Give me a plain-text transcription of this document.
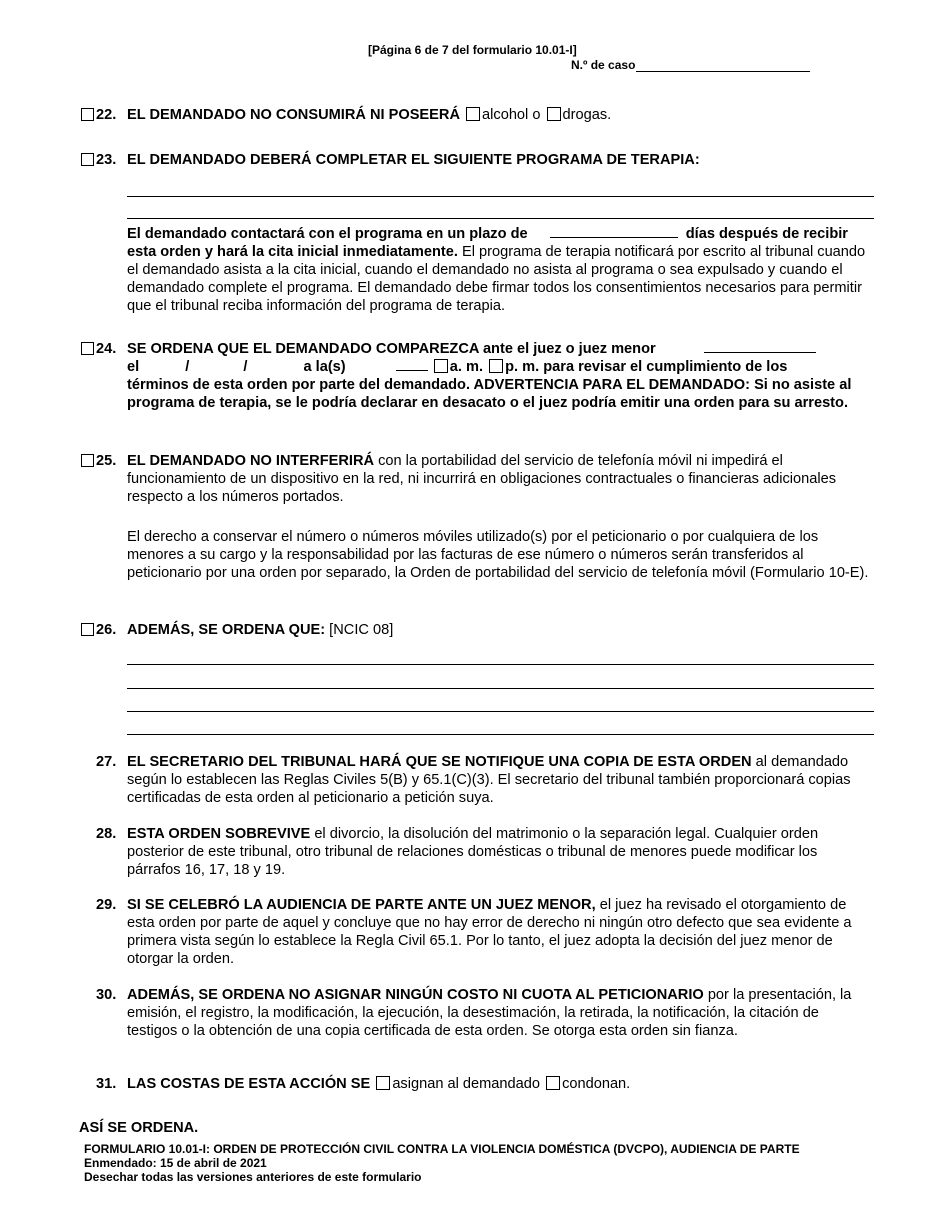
[Página 6 de 7 del formulario 10.01-I]
N.º de caso
22. EL DEMANDADO NO CONSUMIRÁ NI POSEERÁ alcohol o drogas.
23. EL DEMANDADO DEBERÁ COMPLETAR EL SIGUIENTE PROGRAMA DE TERAPIA:
El demandado contactará con el programa en un plazo de	días después de recibir esta orden y hará la cita inicial inmediatamente. El programa de terapia notificará por escrito al tribunal cuando el demandado asista a la cita inicial, cuando el demandado no asista al programa o sea expulsado y cuando el demandado complete el programa. El demandado debe firmar todos los consentimientos necesarios para permitir que el tribunal reciba información del programa de terapia.
24. SE ORDENA QUE EL DEMANDADO COMPAREZCA ante el juez o juez menor
el	/	/	a la(s)	a. m. p. m. para revisar el cumplimiento de los
términos de esta orden por parte del demandado. ADVERTENCIA PARA EL DEMANDADO: Si no asiste al programa de terapia, se le podría declarar en desacato o el juez podría emitir una orden para su arresto.
25. EL DEMANDADO NO INTERFERIRÁ con la portabilidad del servicio de telefonía móvil ni impedirá el funcionamiento de un dispositivo en la red, ni incurrirá en obligaciones contractuales o financieras adicionales respecto a los números portados.
El derecho a conservar el número o números móviles utilizado(s) por el peticionario o por cualquiera de los menores a su cargo y la responsabilidad por las facturas de ese número o números serán transferidos al peticionario por una orden por separado, la Orden de portabilidad del servicio de telefonía móvil (Formulario 10-E).
26. ADEMÁS, SE ORDENA QUE: [NCIC 08]
27. EL SECRETARIO DEL TRIBUNAL HARÁ QUE SE NOTIFIQUE UNA COPIA DE ESTA ORDEN al demandado según lo establecen las Reglas Civiles 5(B) y 65.1(C)(3). El secretario del tribunal también proporcionará copias certificadas de esta orden al peticionario a petición suya.
28. ESTA ORDEN SOBREVIVE el divorcio, la disolución del matrimonio o la separación legal. Cualquier orden posterior de este tribunal, otro tribunal de relaciones domésticas o tribunal de menores puede modificar los párrafos 16, 17, 18 y 19.
29. SI SE CELEBRÓ LA AUDIENCIA DE PARTE ANTE UN JUEZ MENOR, el juez ha revisado el otorgamiento de esta orden por parte de aquel y concluye que no hay error de derecho ni ningún otro defecto que sea evidente a primera vista según lo establece la Regla Civil 65.1. Por lo tanto, el juez adopta la decisión del juez menor de otorgar la orden.
30. ADEMÁS, SE ORDENA NO ASIGNAR NINGÚN COSTO NI CUOTA AL PETICIONARIO por la presentación, la emisión, el registro, la modificación, la ejecución, la desestimación, la retirada, la notificación, la citación de testigos o la obtención de una copia certificada de esta orden. Se otorga esta orden sin fianza.
31. LAS COSTAS DE ESTA ACCIÓN SE asignan al demandado condonan.
ASÍ SE ORDENA.
FORMULARIO 10.01-I: ORDEN DE PROTECCIÓN CIVIL CONTRA LA VIOLENCIA DOMÉSTICA (DVCPO), AUDIENCIA DE PARTE
Enmendado: 15 de abril de 2021
Desechar todas las versiones anteriores de este formulario
